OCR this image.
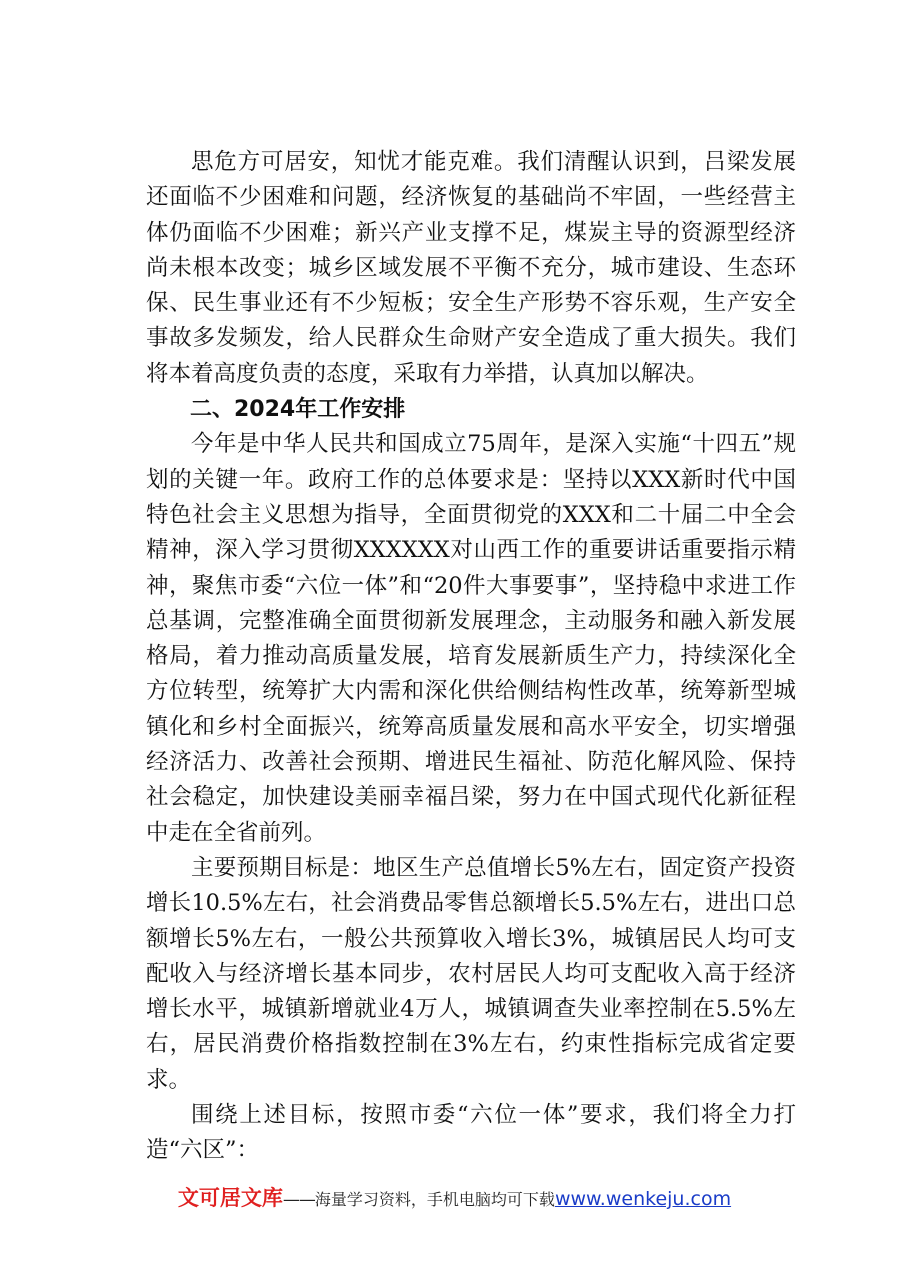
思危方可居安，知忧才能克难。我们清醒认识到，吕梁发展还面临不少困难和问题，经济恢复的基础尚不牢固，一些经营主体仍面临不少困难；新兴产业支撑不足，煤炭主导的资源型经济尚未根本改变；城乡区域发展不平衡不充分，城市建设、生态环保、民生事业还有不少短板；安全生产形势不容乐观，生产安全事故多发频发，给人民群众生命财产安全造成了重大损失。我们将本着高度负责的态度，采取有力举措，认真加以解决。

二、2024年工作安排

今年是中华人民共和国成立75周年，是深入实施“十四五”规划的关键一年。政府工作的总体要求是：坚持以XXX新时代中国特色社会主义思想为指导，全面贯彻党的XXX和二十届二中全会精神，深入学习贯彻XXXXXX对山西工作的重要讲话重要指示精神，聚焦市委“六位一体”和“20件大事要事”，坚持稳中求进工作总基调，完整准确全面贯彻新发展理念，主动服务和融入新发展格局，着力推动高质量发展，培育发展新质生产力，持续深化全方位转型，统筹扩大内需和深化供给侧结构性改革，统筹新型城镇化和乡村全面振兴，统筹高质量发展和高水平安全，切实增强经济活力、改善社会预期、增进民生福祉、防范化解风险、保持社会稳定，加快建设美丽幸福吕梁，努力在中国式现代化新征程中走在全省前列。

主要预期目标是：地区生产总值增长5%左右，固定资产投资增长10.5%左右，社会消费品零售总额增长5.5%左右，进出口总额增长5%左右，一般公共预算收入增长3%，城镇居民人均可支配收入与经济增长基本同步，农村居民人均可支配收入高于经济增长水平，城镇新增就业4万人，城镇调查失业率控制在5.5%左右，居民消费价格指数控制在3%左右，约束性指标完成省定要求。

围绕上述目标，按照市委“六位一体”要求，我们将全力打造“六区”：

文可居文库——海量学习资料，手机电脑均可下载www.wenkeju.com
